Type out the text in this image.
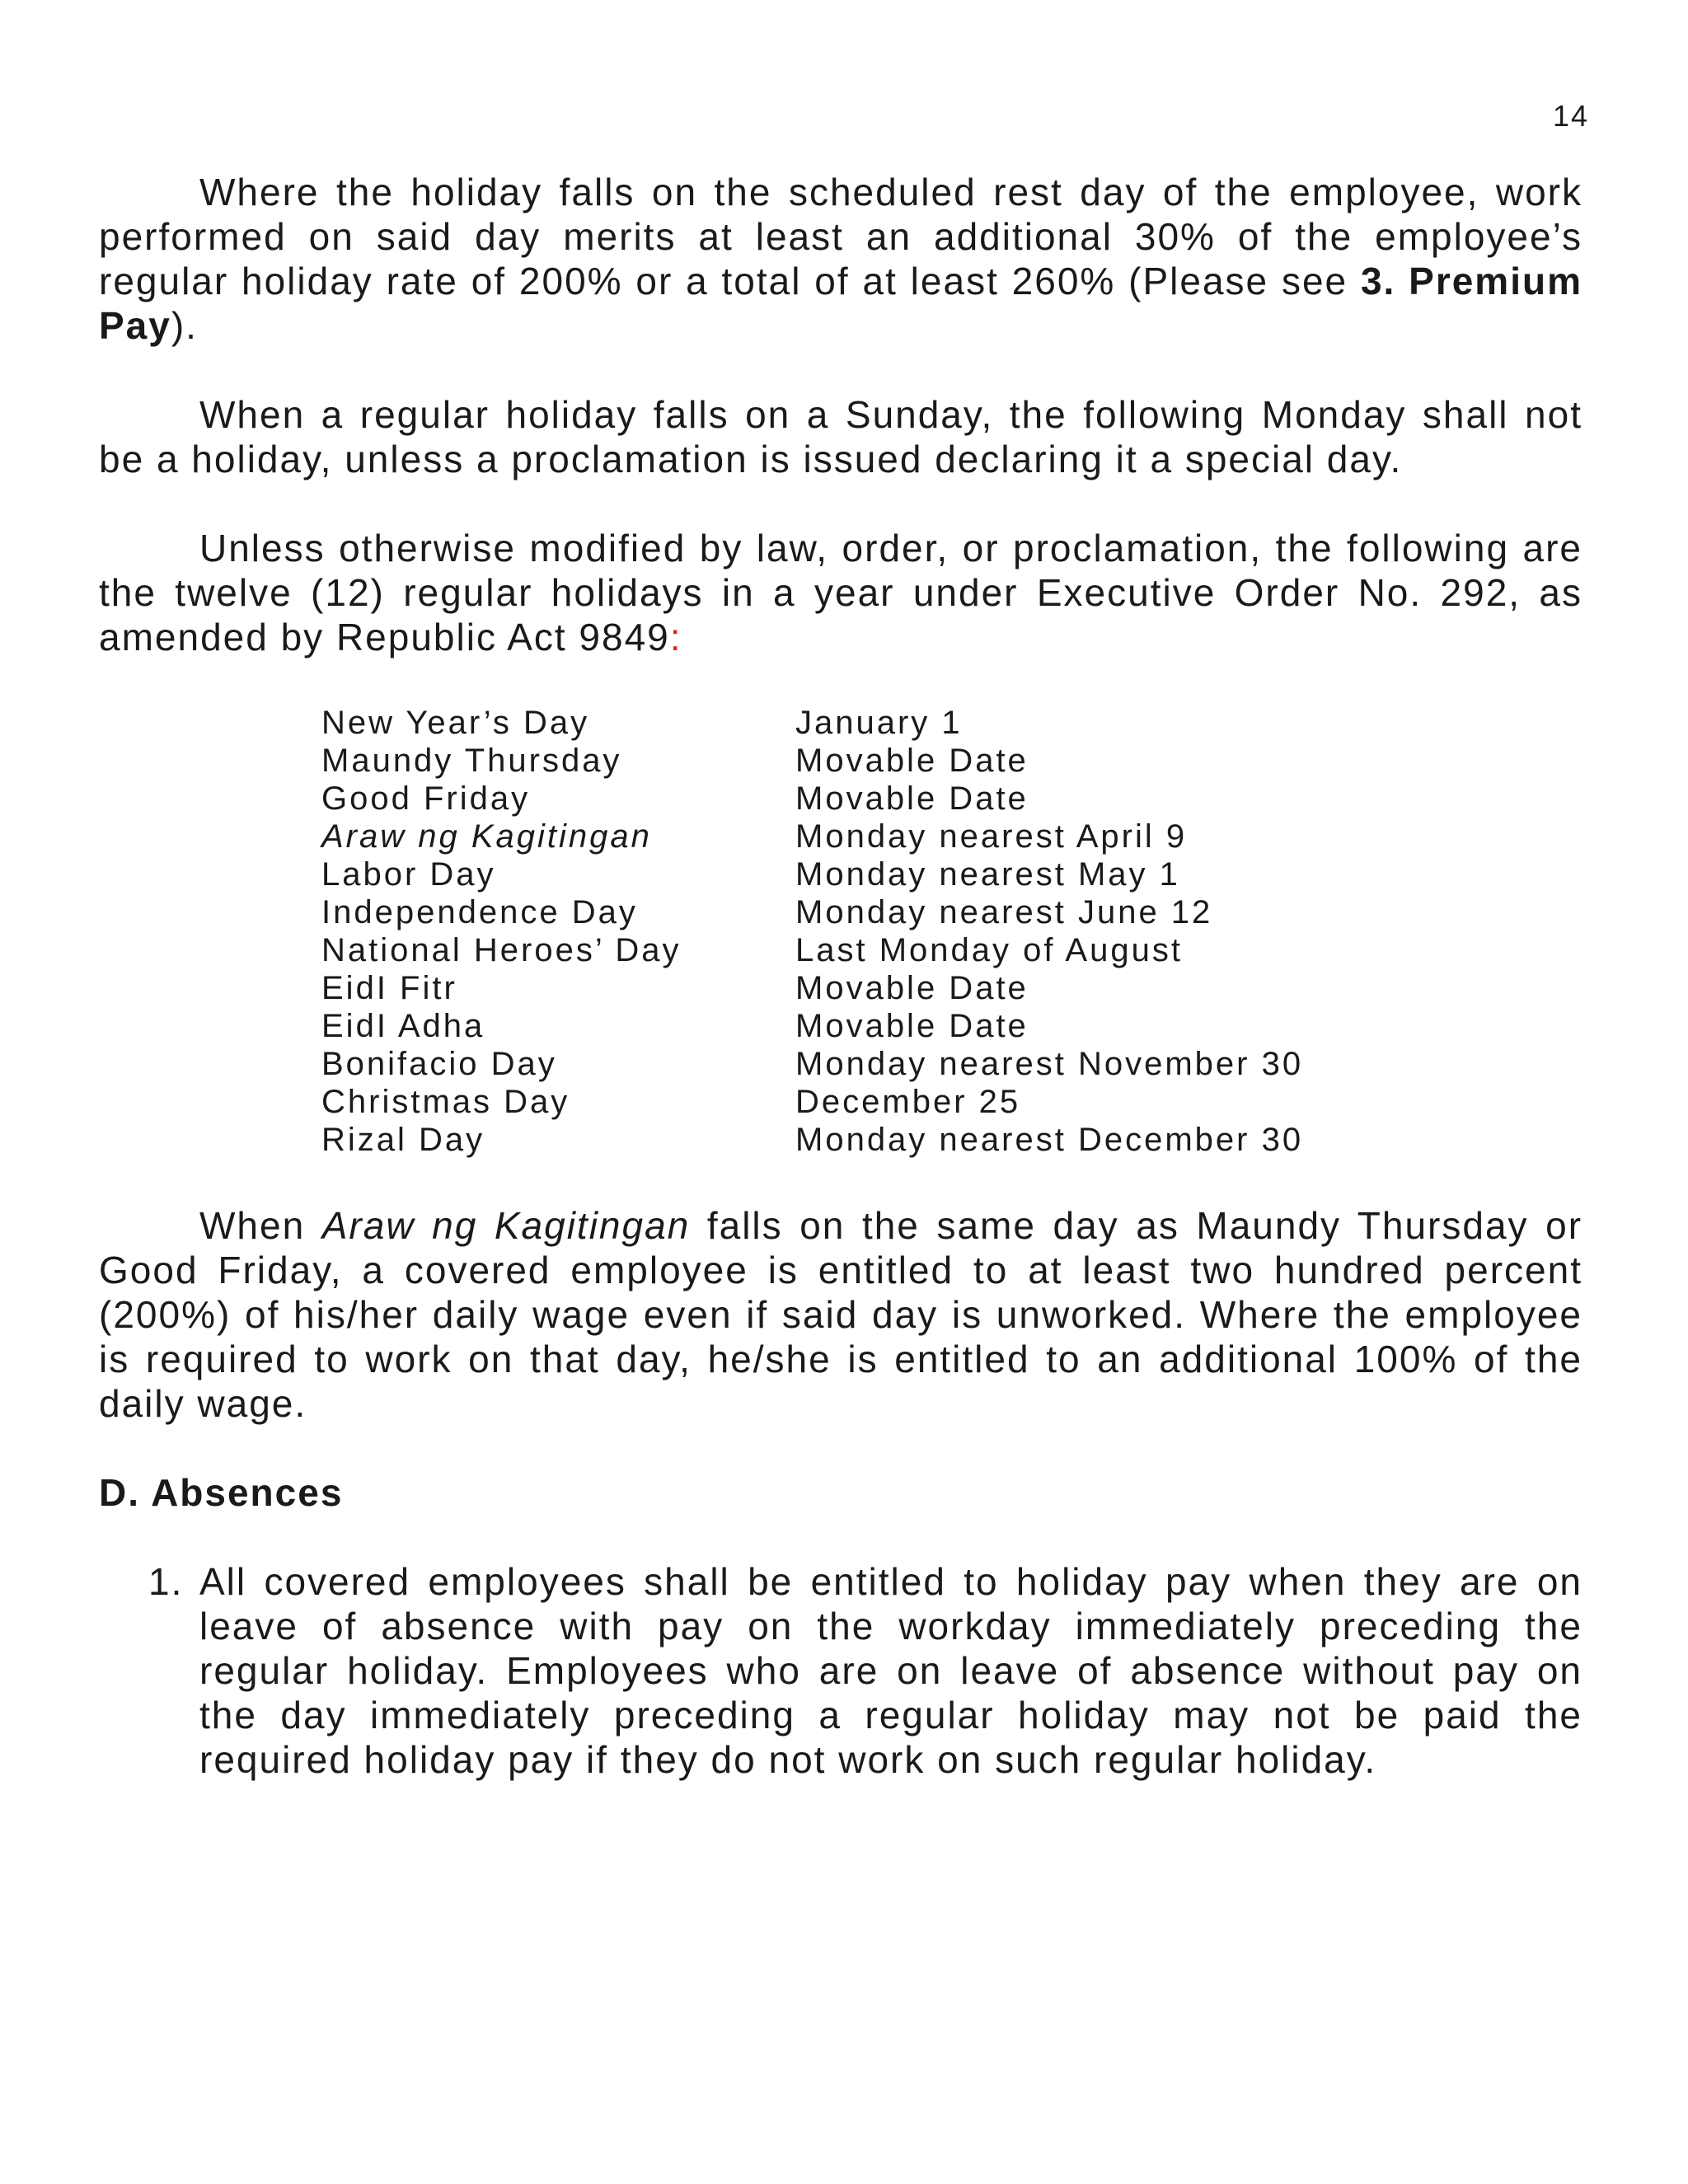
14

Where the holiday falls on the scheduled rest day of the employee, work performed on said day merits at least an additional 30% of the employee’s regular holiday rate of 200% or a total of at least 260% (Please see 3. Premium Pay).

When a regular holiday falls on a Sunday, the following Monday shall not be a holiday, unless a proclamation is issued declaring it a special day.

Unless otherwise modified by law, order, or proclamation, the following are the twelve (12) regular holidays in a year under Executive Order No. 292, as amended by Republic Act 9849:

New Year’s Day	January 1
Maundy Thursday	Movable Date
Good Friday	Movable Date
Araw ng Kagitingan	Monday nearest April 9
Labor Day	Monday nearest May 1
Independence Day	Monday nearest June 12
National Heroes’ Day	Last Monday of August
EidI Fitr	Movable Date
EidI Adha	Movable Date
Bonifacio Day	Monday nearest November 30
Christmas Day	December 25
Rizal Day	Monday nearest December 30

When Araw ng Kagitingan falls on the same day as Maundy Thursday or Good Friday, a covered employee is entitled to at least two hundred percent (200%) of his/her daily wage even if said day is unworked. Where the employee is required to work on that day, he/she is entitled to an additional 100% of the daily wage.

D. Absences
1. All covered employees shall be entitled to holiday pay when they are on leave of absence with pay on the workday immediately preceding the regular holiday. Employees who are on leave of absence without pay on the day immediately preceding a regular holiday may not be paid the required holiday pay if they do not work on such regular holiday.
